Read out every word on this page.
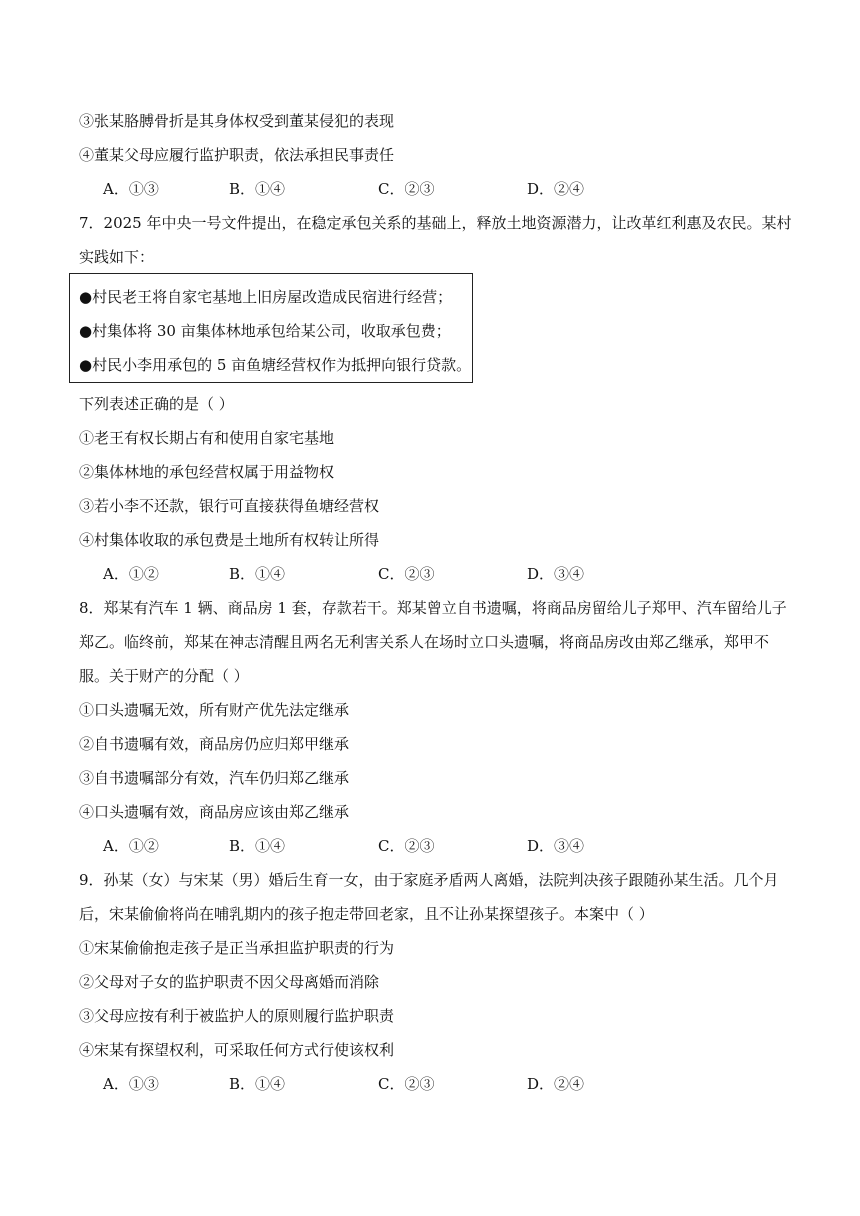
③张某胳膊骨折是其身体权受到董某侵犯的表现
④董某父母应履行监护职责，依法承担民事责任
A．①③	B．①④	C．②③	D．②④
7．2025 年中央一号文件提出，在稳定承包关系的基础上，释放土地资源潜力，让改革红利惠及农民。某村
实践如下：
●村民老王将自家宅基地上旧房屋改造成民宿进行经营；
●村集体将 30 亩集体林地承包给某公司，收取承包费；
●村民小李用承包的 5 亩鱼塘经营权作为抵押向银行贷款。
下列表述正确的是（ ）
①老王有权长期占有和使用自家宅基地
②集体林地的承包经营权属于用益物权
③若小李不还款，银行可直接获得鱼塘经营权
④村集体收取的承包费是土地所有权转让所得
A．①②	B．①④	C．②③	D．③④
8．郑某有汽车 1 辆、商品房 1 套，存款若干。郑某曾立自书遗嘱，将商品房留给儿子郑甲、汽车留给儿子
郑乙。临终前，郑某在神志清醒且两名无利害关系人在场时立口头遗嘱，将商品房改由郑乙继承，郑甲不
服。关于财产的分配（ ）
①口头遗嘱无效，所有财产优先法定继承
②自书遗嘱有效，商品房仍应归郑甲继承
③自书遗嘱部分有效，汽车仍归郑乙继承
④口头遗嘱有效，商品房应该由郑乙继承
A．①②	B．①④	C．②③	D．③④
9．孙某（女）与宋某（男）婚后生育一女，由于家庭矛盾两人离婚，法院判决孩子跟随孙某生活。几个月
后，宋某偷偷将尚在哺乳期内的孩子抱走带回老家，且不让孙某探望孩子。本案中（ ）
①宋某偷偷抱走孩子是正当承担监护职责的行为
②父母对子女的监护职责不因父母离婚而消除
③父母应按有利于被监护人的原则履行监护职责
④宋某有探望权利，可采取任何方式行使该权利
A．①③	B．①④	C．②③	D．②④
